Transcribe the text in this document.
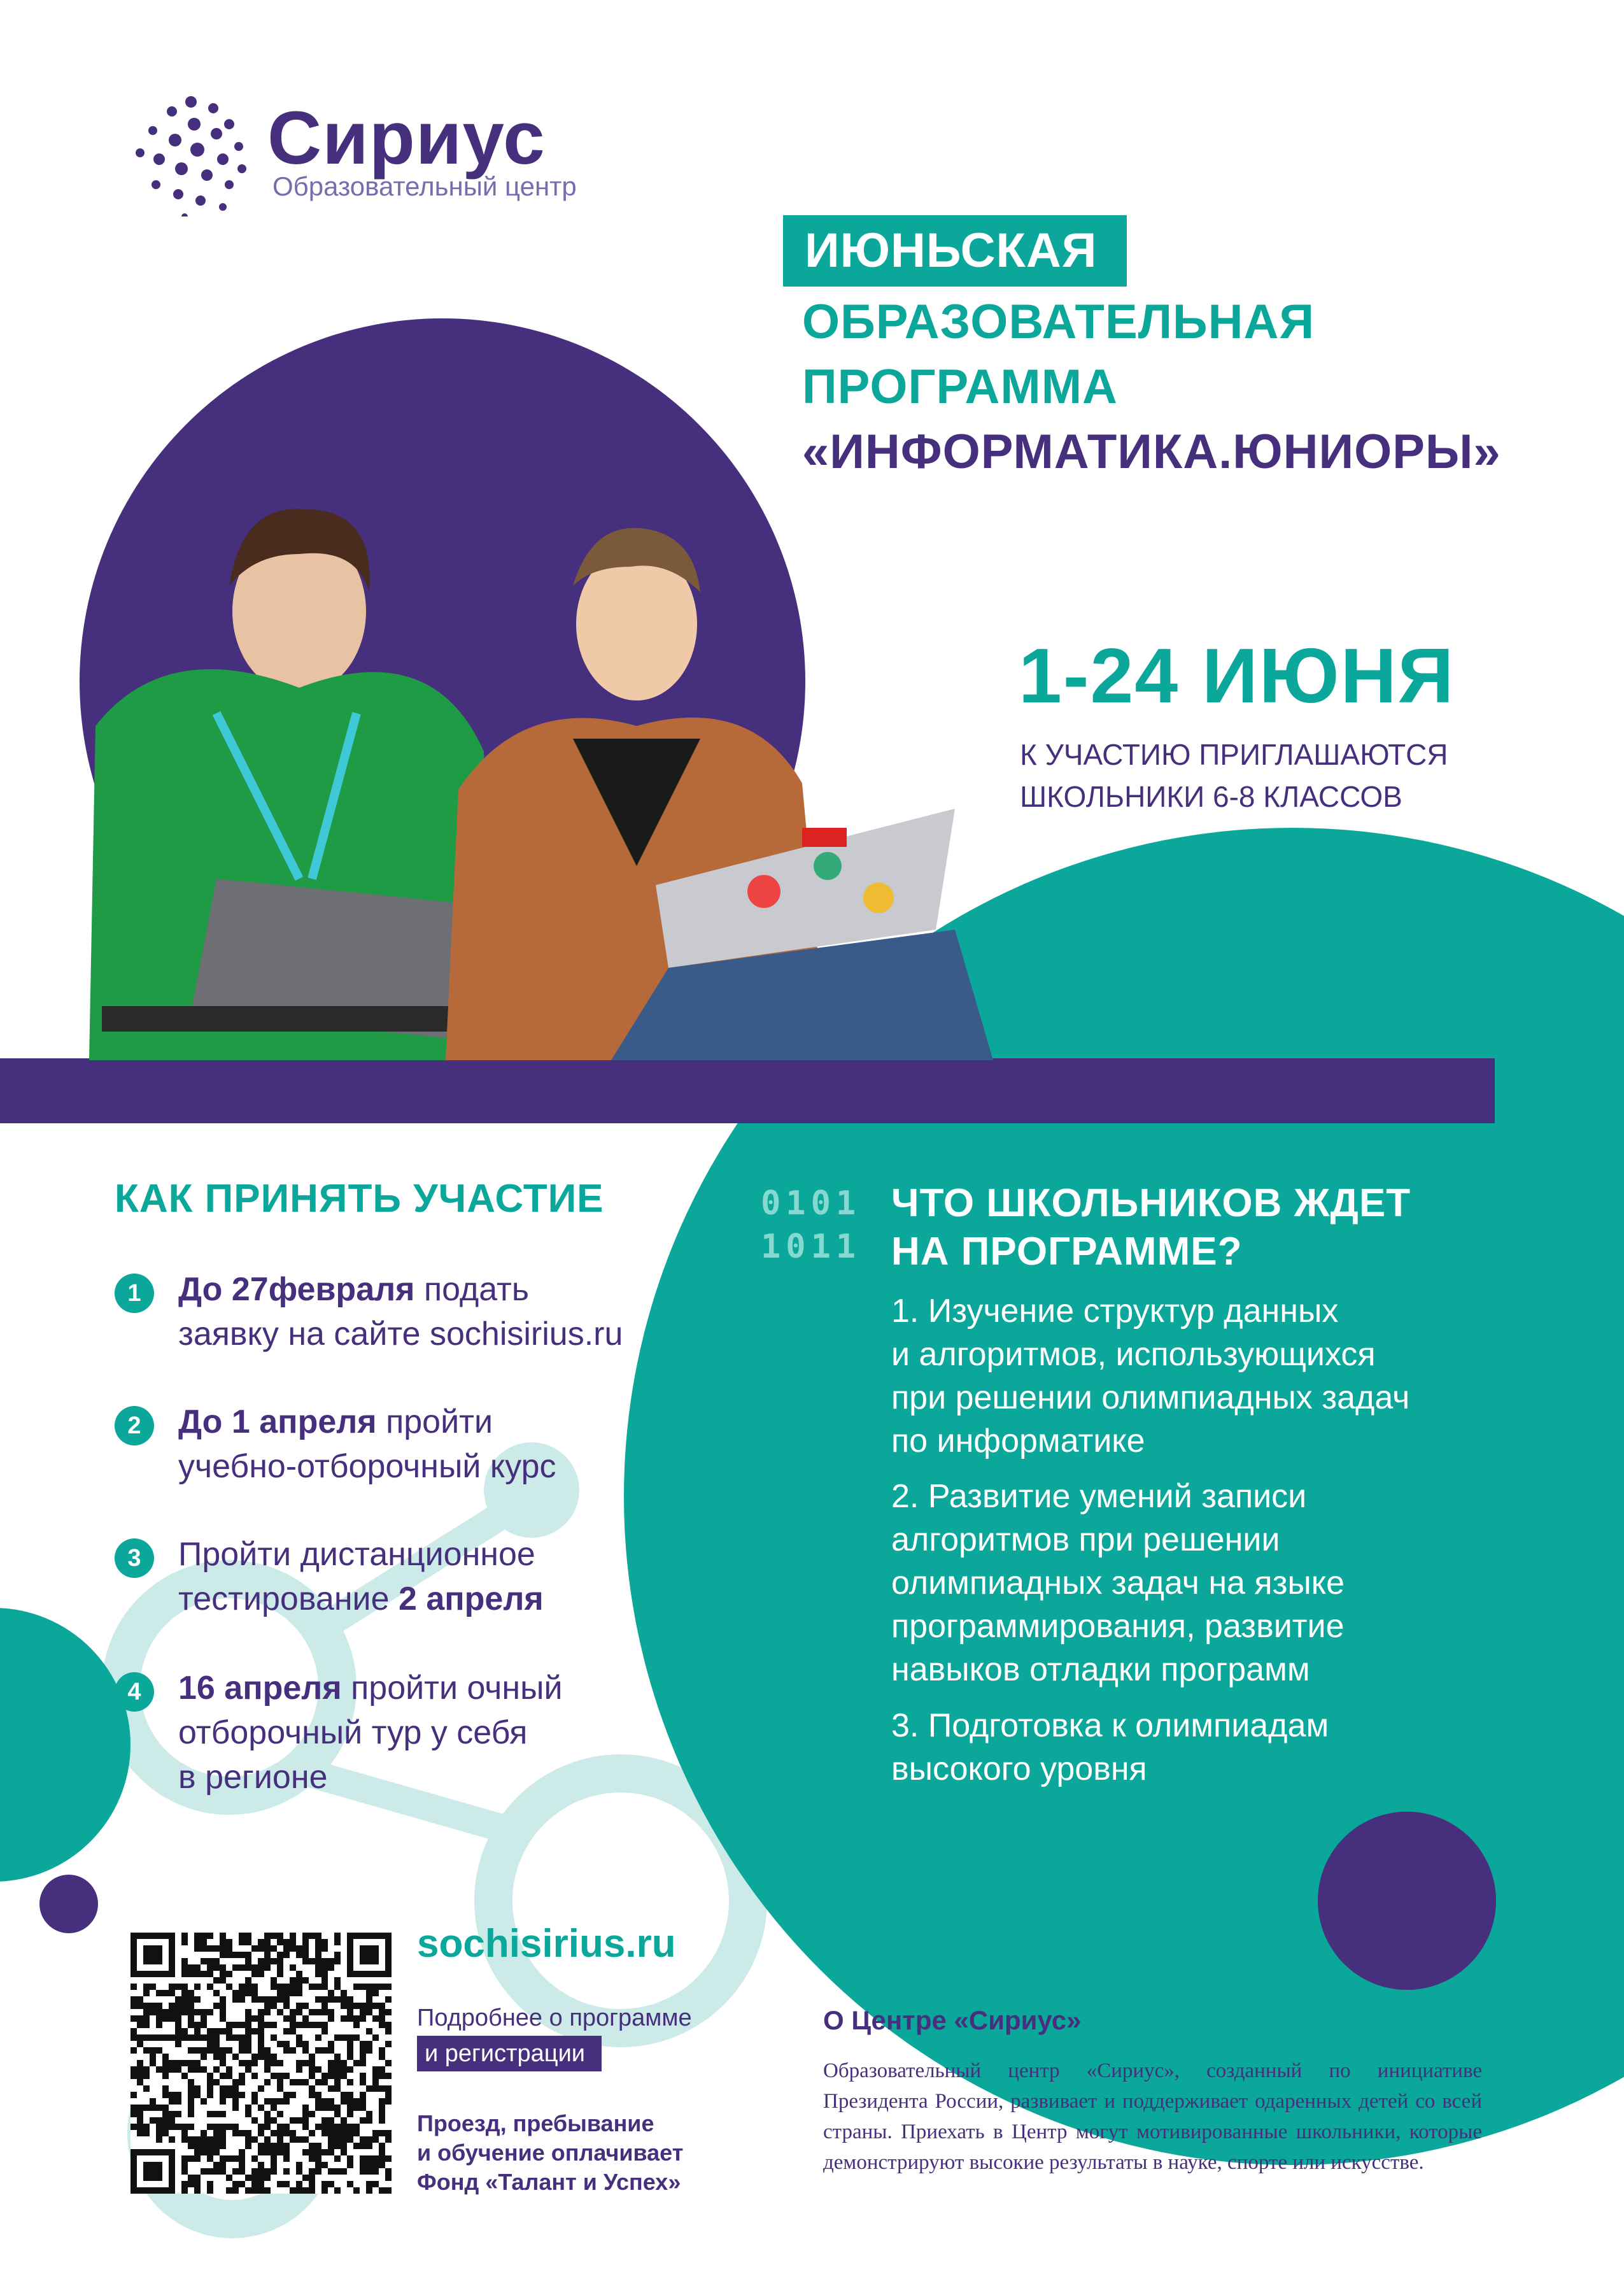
Сириус
Образовательный центр
ИЮНЬСКАЯ
ОБРАЗОВАТЕЛЬНАЯ
ПРОГРАММА
«ИНФОРМАТИКА.ЮНИОРЫ»
1-24 ИЮНЯ
К УЧАСТИЮ ПРИГЛАШАЮТСЯ
ШКОЛЬНИКИ 6-8 КЛАССОВ
КАК ПРИНЯТЬ УЧАСТИЕ
1	До 27февраля подать
заявку на сайте sochisirius.ru
2	До 1 апреля пройти
учебно-отборочный курс
3	Пройти дистанционное
тестирование 2 апреля
4	16 апреля пройти очный
отборочный тур у себя
в регионе
0101
1011
ЧТО ШКОЛЬНИКОВ ЖДЕТ
НА ПРОГРАММЕ?
1. Изучение структур данных
и алгоритмов, использующихся
при решении олимпиадных задач
по информатике
2. Развитие умений записи
алгоритмов при решении
олимпиадных задач на языке
программирования, развитие
навыков отладки программ
3. Подготовка к олимпиадам
высокого уровня
sochisirius.ru
Подробнее о программе
и регистрации
Проезд, пребывание
и обучение оплачивает
Фонд «Талант и Успех»
О Центре «Сириус»
Образовательный центр «Сириус», созданный по инициативе Президента России, развивает и поддерживает одаренных детей со всей страны. Приехать в Центр могут мотивированные школьники, которые демонстрируют высокие результаты в науке, спорте или искусстве.
